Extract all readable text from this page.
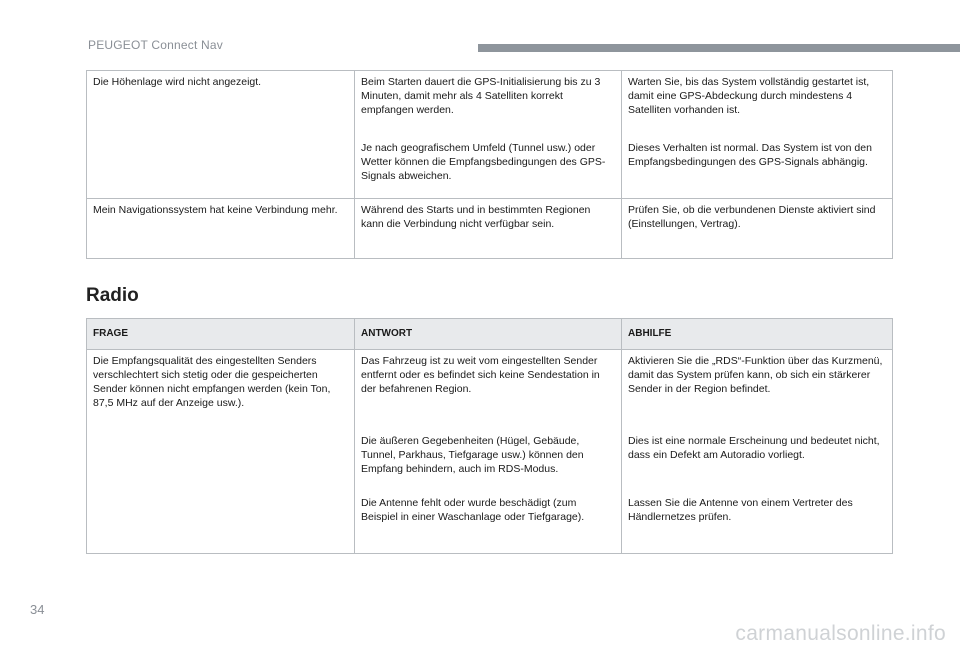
PEUGEOT Connect Nav
Die Höhenlage wird nicht angezeigt.	Beim Starten dauert die GPS-Initialisierung bis zu 3 Minuten, damit mehr als 4 Satelliten korrekt empfangen werden.	Warten Sie, bis das System vollständig gestartet ist, damit eine GPS-Abdeckung durch mindestens 4 Satelliten vorhanden ist.
	Je nach geografischem Umfeld (Tunnel usw.) oder Wetter können die Empfangsbedingungen des GPS-Signals abweichen.	Dieses Verhalten ist normal. Das System ist von den Empfangsbedingungen des GPS-Signals abhängig.
Mein Navigationssystem hat keine Verbindung mehr.	Während des Starts und in bestimmten Regionen kann die Verbindung nicht verfügbar sein.	Prüfen Sie, ob die verbundenen Dienste aktiviert sind (Einstellungen, Vertrag).
Radio
FRAGE	ANTWORT	ABHILFE
Die Empfangsqualität des eingestellten Senders verschlechtert sich stetig oder die gespeicherten Sender können nicht empfangen werden (kein Ton, 87,5 MHz auf der Anzeige usw.).	Das Fahrzeug ist zu weit vom eingestellten Sender entfernt oder es befindet sich keine Sendestation in der befahrenen Region.	Aktivieren Sie die „RDS“-Funktion über das Kurzmenü, damit das System prüfen kann, ob sich ein stärkerer Sender in der Region befindet.
	Die äußeren Gegebenheiten (Hügel, Gebäude, Tunnel, Parkhaus, Tiefgarage usw.) können den Empfang behindern, auch im RDS-Modus.	Dies ist eine normale Erscheinung und bedeutet nicht, dass ein Defekt am Autoradio vorliegt.
	Die Antenne fehlt oder wurde beschädigt (zum Beispiel in einer Waschanlage oder Tiefgarage).	Lassen Sie die Antenne von einem Vertreter des Händlernetzes prüfen.
34
carmanualsonline.info
